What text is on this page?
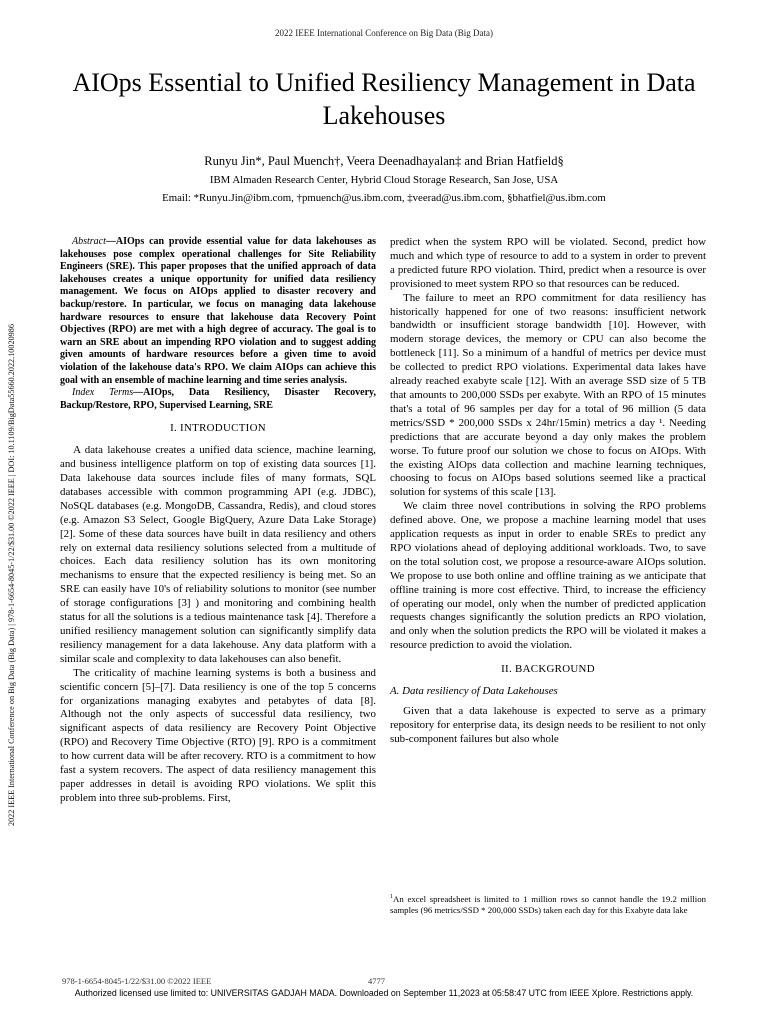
2022 IEEE International Conference on Big Data (Big Data)
2022 IEEE International Conference on Big Data (Big Data) | 978-1-6654-8045-1/22/$31.00 ©2022 IEEE | DOI: 10.1109/BigData55660.2022.10020986
AIOps Essential to Unified Resiliency Management in Data Lakehouses
Runyu Jin*, Paul Muench†, Veera Deenadhayalan‡ and Brian Hatfield§
IBM Almaden Research Center, Hybrid Cloud Storage Research, San Jose, USA
Email: *Runyu.Jin@ibm.com, †pmuench@us.ibm.com, ‡veerad@us.ibm.com, §bhatfiel@us.ibm.com

Abstract—AIOps can provide essential value for data lakehouses as lakehouses pose complex operational challenges for Site Reliability Engineers (SRE). This paper proposes that the unified approach of data lakehouses creates a unique opportunity for unified data resiliency management. We focus on AIOps applied to disaster recovery and backup/restore. In particular, we focus on managing data lakehouse hardware resources to ensure that lakehouse data Recovery Point Objectives (RPO) are met with a high degree of accuracy. The goal is to warn an SRE about an impending RPO violation and to suggest adding given amounts of hardware resources before a given time to avoid violation of the lakehouse data's RPO. We claim AIOps can achieve this goal with an ensemble of machine learning and time series analysis.

Index Terms—AIOps, Data Resiliency, Disaster Recovery, Backup/Restore, RPO, Supervised Learning, SRE

I. INTRODUCTION

A data lakehouse creates a unified data science, machine learning, and business intelligence platform on top of existing data sources [1]. Data lakehouse data sources include files of many formats, SQL databases accessible with common programming API (e.g. JDBC), NoSQL databases (e.g. MongoDB, Cassandra, Redis), and cloud stores (e.g. Amazon S3 Select, Google BigQuery, Azure Data Lake Storage) [2]. Some of these data sources have built in data resiliency and others rely on external data resiliency solutions selected from a multitude of choices. Each data resiliency solution has its own monitoring mechanisms to ensure that the expected resiliency is being met. So an SRE can easily have 10's of reliability solutions to monitor (see number of storage configurations [3] ) and monitoring and combining health status for all the solutions is a tedious maintenance task [4]. Therefore a unified resiliency management solution can significantly simplify data resiliency management for a data lakehouse. Any data platform with a similar scale and complexity to data lakehouses can also benefit.

The criticality of machine learning systems is both a business and scientific concern [5]–[7]. Data resiliency is one of the top 5 concerns for organizations managing exabytes and petabytes of data [8]. Although not the only aspects of successful data resiliency, two significant aspects of data resiliency are Recovery Point Objective (RPO) and Recovery Time Objective (RTO) [9]. RPO is a commitment to how current data will be after recovery. RTO is a commitment to how fast a system recovers. The aspect of data resiliency management this paper addresses in detail is avoiding RPO violations. We split this problem into three sub-problems. First,

predict when the system RPO will be violated. Second, predict how much and which type of resource to add to a system in order to prevent a predicted future RPO violation. Third, predict when a resource is over provisioned to meet system RPO so that resources can be reduced.

The failure to meet an RPO commitment for data resiliency has historically happened for one of two reasons: insufficient network bandwidth or insufficient storage bandwidth [10]. However, with modern storage devices, the memory or CPU can also become the bottleneck [11]. So a minimum of a handful of metrics per device must be collected to predict RPO violations. Experimental data lakes have already reached exabyte scale [12]. With an average SSD size of 5 TB that amounts to 200,000 SSDs per exabyte. With an RPO of 15 minutes that's a total of 96 samples per day for a total of 96 million (5 data metrics/SSD * 200,000 SSDs x 24hr/15min) metrics a day ¹. Needing predictions that are accurate beyond a day only makes the problem worse. To future proof our solution we chose to focus on AIOps. With the existing AIOps data collection and machine learning techniques, choosing to focus on AIOps based solutions seemed like a practical solution for systems of this scale [13].

We claim three novel contributions in solving the RPO problems defined above. One, we propose a machine learning model that uses application requests as input in order to enable SREs to predict any RPO violations ahead of deploying additional workloads. Two, to save on the total solution cost, we propose a resource-aware AIOps solution. We propose to use both online and offline training as we anticipate that offline training is more cost effective. Third, to increase the efficiency of operating our model, only when the number of predicted application requests changes significantly the solution predicts an RPO violation, and only when the solution predicts the RPO will be violated it makes a resource prediction to avoid the violation.

II. BACKGROUND
A. Data resiliency of Data Lakehouses

Given that a data lakehouse is expected to serve as a primary repository for enterprise data, its design needs to be resilient to not only sub-component failures but also whole

$^1$An excel spreadsheet is limited to 1 million rows so cannot handle the 19.2 million samples (96 metrics/SSD * 200,000 SSDs) taken each day for this Exabyte data lake
978-1-6654-8045-1/22/$31.00 ©2022 IEEE	4777
Authorized licensed use limited to: UNIVERSITAS GADJAH MADA. Downloaded on September 11,2023 at 05:58:47 UTC from IEEE Xplore. Restrictions apply.
